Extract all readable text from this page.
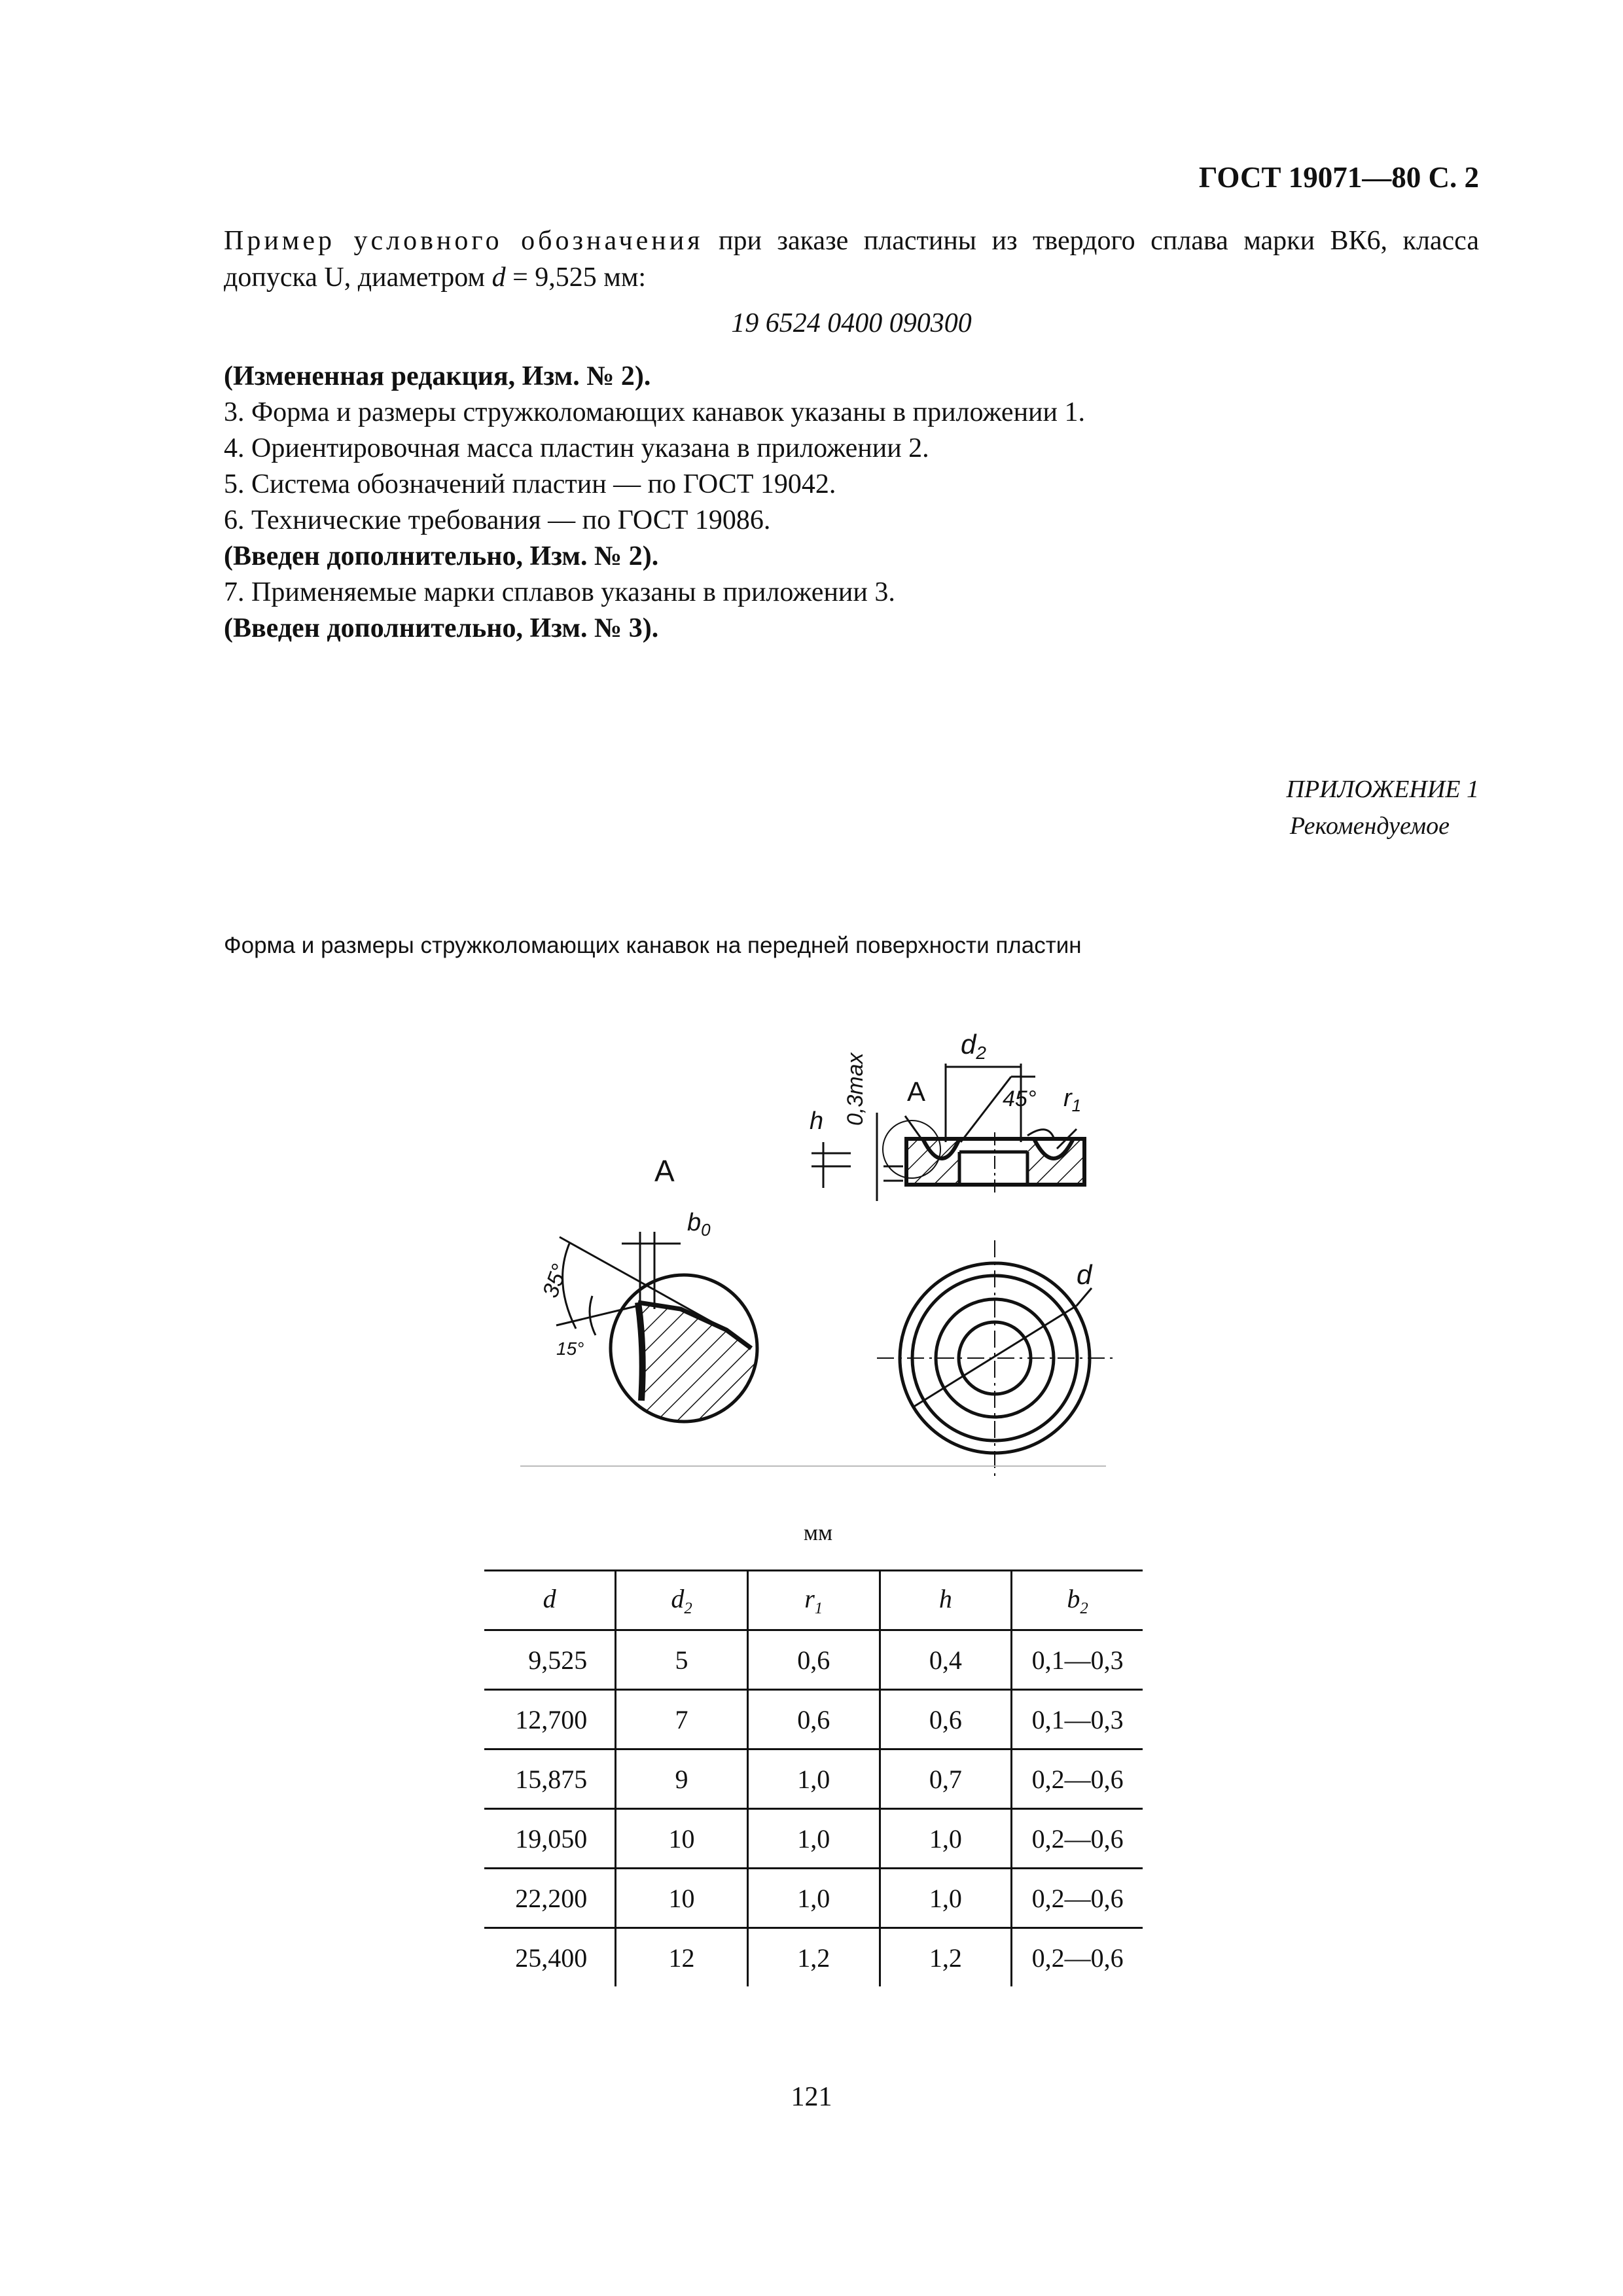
ГОСТ 19071—80 С. 2
Пример условного обозначения при заказе пластины из твердого сплава марки ВК6, класса допуска U, диаметром d = 9,525 мм:
19 6524 0400 090300
(Измененная редакция, Изм. № 2).
3. Форма и размеры стружколомающих канавок указаны в приложении 1.
4. Ориентировочная масса пластин указана в приложении 2.
5. Система обозначений пластин — по ГОСТ 19042.
6. Технические требования — по ГОСТ 19086.
(Введен дополнительно, Изм. № 2).
7. Применяемые марки сплавов указаны в приложении 3.
(Введен дополнительно, Изм. № 3).
ПРИЛОЖЕНИЕ 1
Рекомендуемое
Форма и размеры стружколомающих канавок на передней поверхности пластин
h 0,3max A
d2
45° $r_1$
A
$b_0$
35°
15°
d
мм
d	$d_2$	$r_1$	h	$b_2$
9,525	5	0,6	0,4	0,1—0,3
12,700	7	0,6	0,6	0,1—0,3
15,875	9	1,0	0,7	0,2—0,6
19,050	10	1,0	1,0	0,2—0,6
22,200	10	1,0	1,0	0,2—0,6
25,400	12	1,2	1,2	0,2—0,6
121
